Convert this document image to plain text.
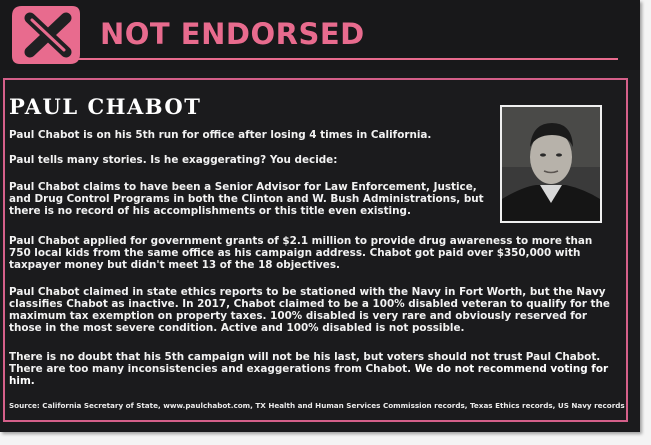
NOT ENDORSED
PAUL CHABOT

Paul Chabot is on his 5th run for office after losing 4 times in California.

Paul tells many stories. Is he exaggerating? You decide:

Paul Chabot claims to have been a Senior Advisor for Law Enforcement, Justice, and Drug Control Programs in both the Clinton and W. Bush Administrations, but there is no record of his accomplishments or this title even existing.

Paul Chabot applied for government grants of $2.1 million to provide drug awareness to more than 750 local kids from the same office as his campaign address. Chabot got paid over $350,000 with taxpayer money but didn't meet 13 of the 18 objectives.

Paul Chabot claimed in state ethics reports to be stationed with the Navy in Fort Worth, but the Navy classifies Chabot as inactive. In 2017, Chabot claimed to be a 100% disabled veteran to qualify for the maximum tax exemption on property taxes. 100% disabled is very rare and obviously reserved for those in the most severe condition. Active and 100% disabled is not possible.

There is no doubt that his 5th campaign will not be his last, but voters should not trust Paul Chabot. There are too many inconsistencies and exaggerations from Chabot. We do not recommend voting for him.

Source: California Secretary of State, www.paulchabot.com, TX Health and Human Services Commission records, Texas Ethics records, US Navy records
